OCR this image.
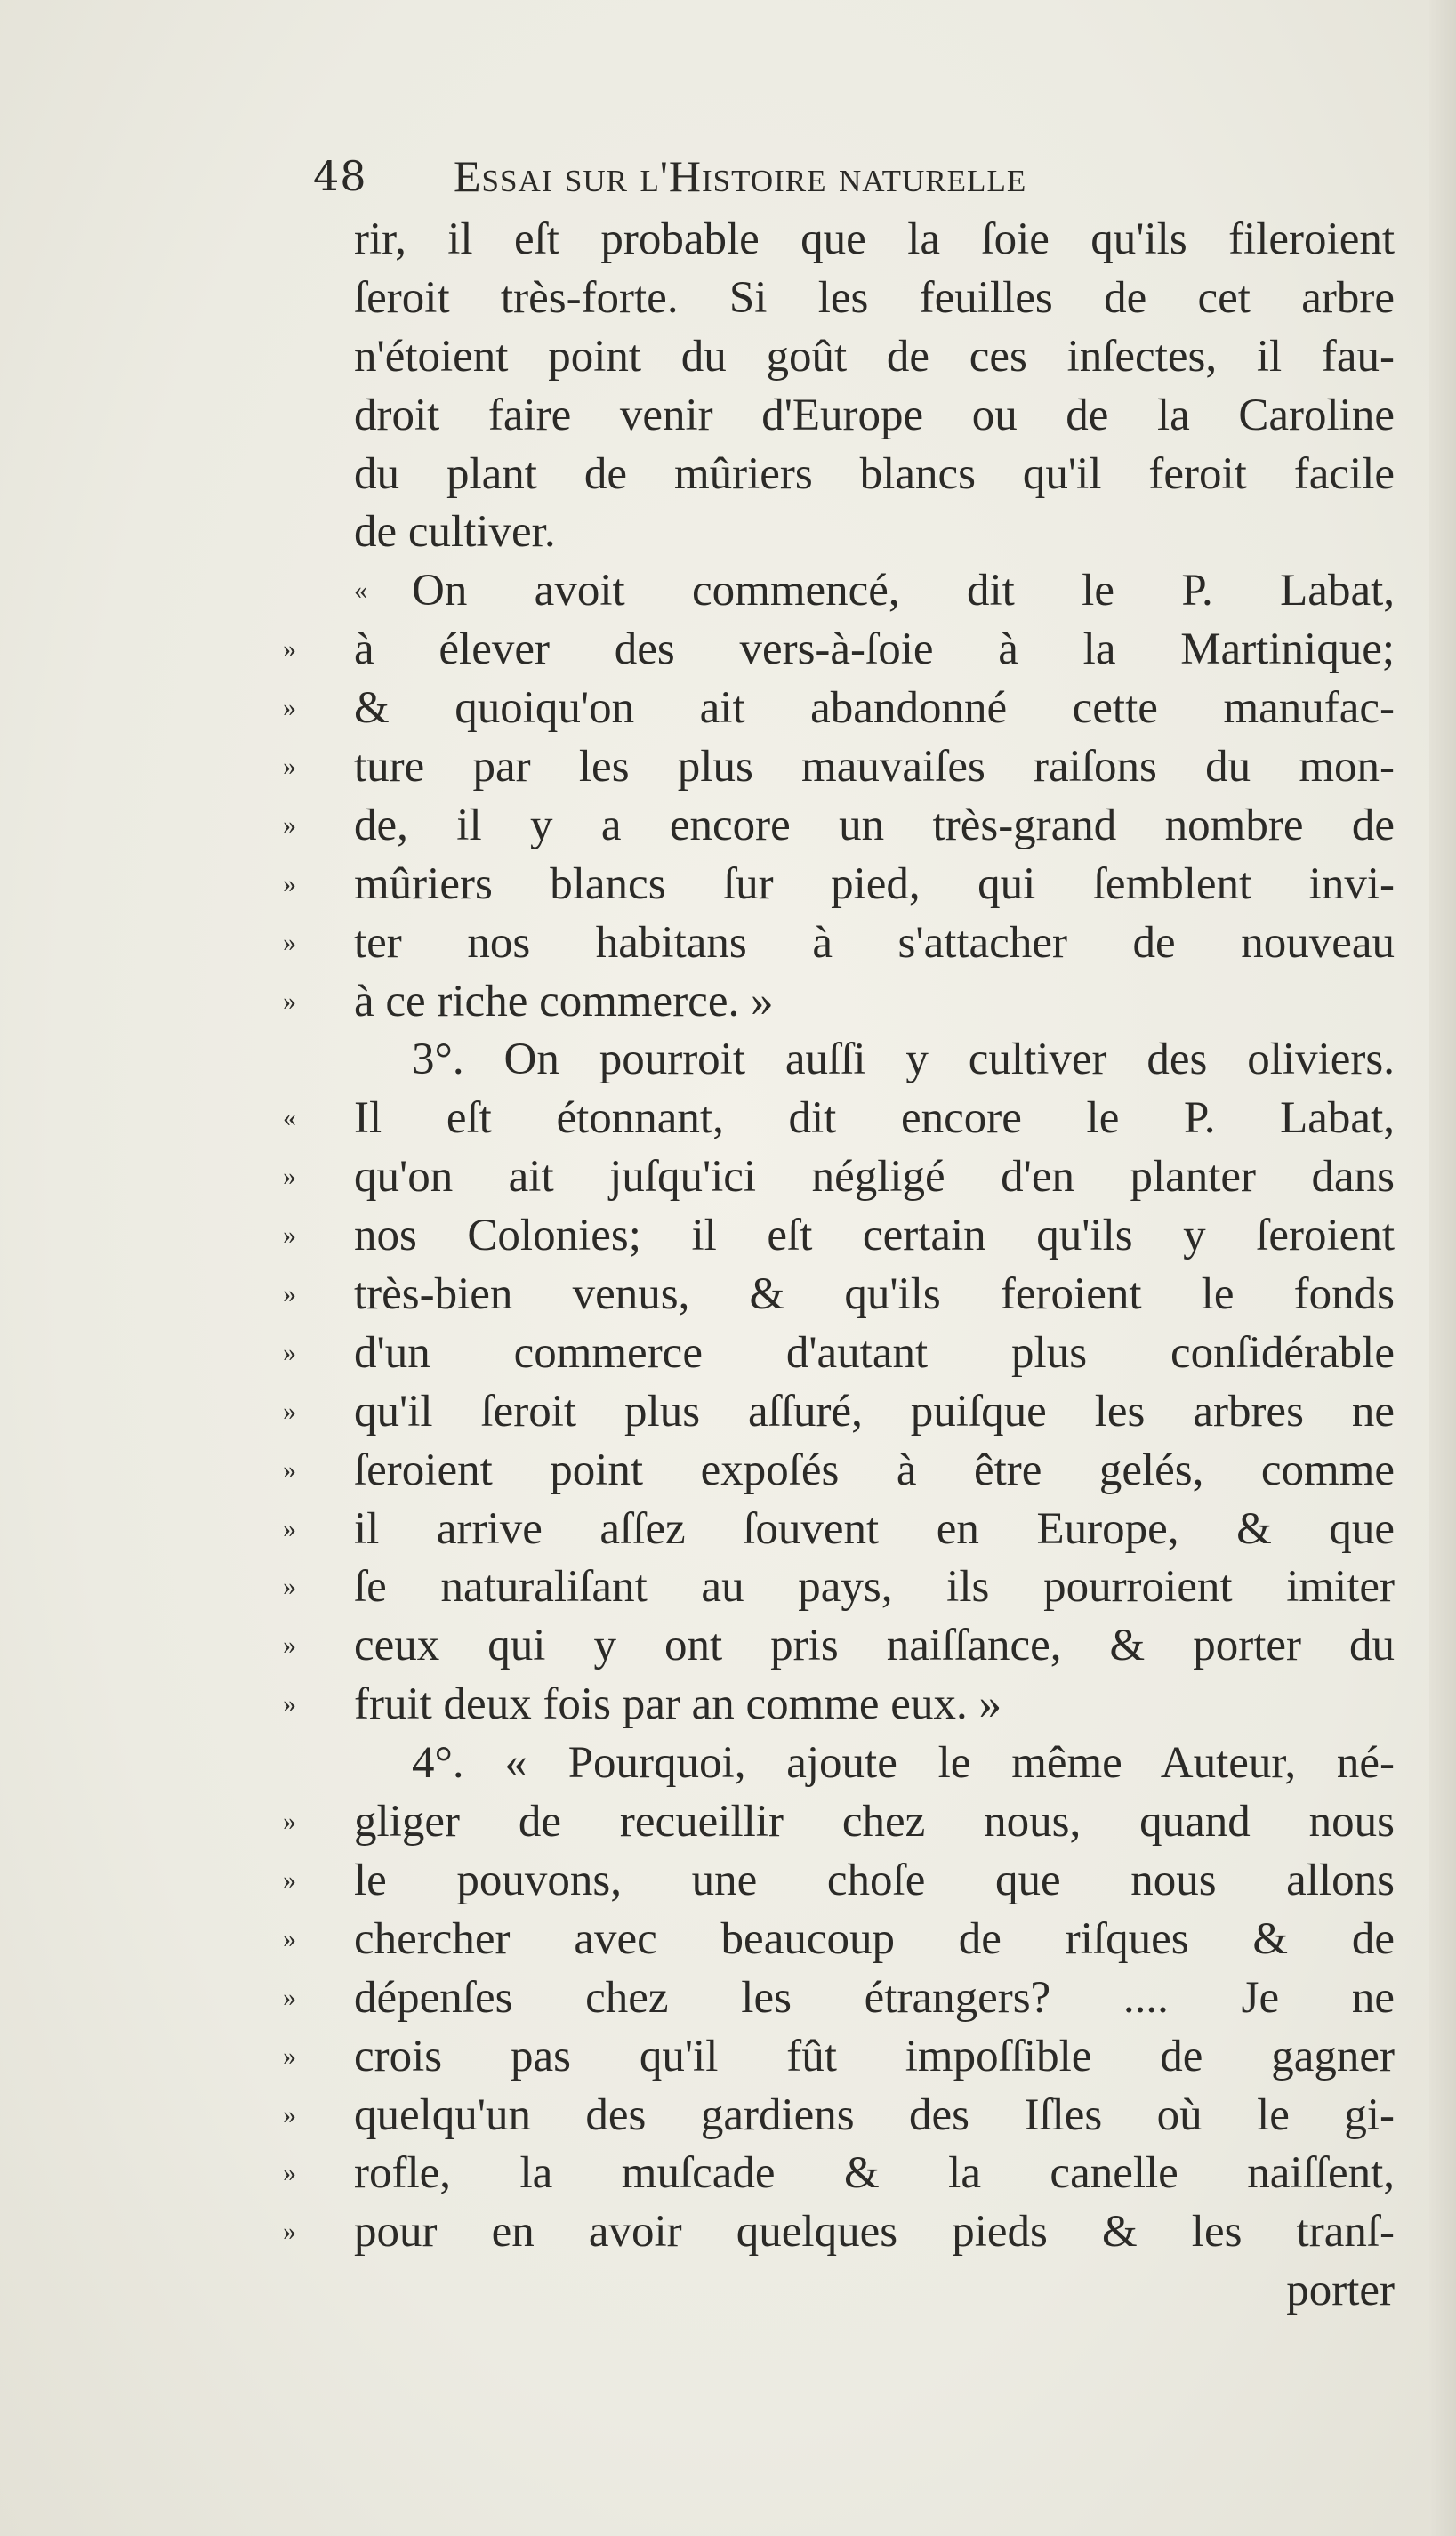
48 Essai sur l'Histoire naturelle
rir, il eſt probable que la ſoie qu'ils fileroient
ſeroit très-forte. Si les feuilles de cet arbre
n'étoient point du goût de ces inſectes, il fau-
droit faire venir d'Europe ou de la Caroline
du plant de mûriers blancs qu'il feroit facile
de cultiver.
« On avoit commencé, dit le P. Labat,
»	à élever des vers-à-ſoie à la Martinique;
»	& quoiqu'on ait abandonné cette manufac-
»	ture par les plus mauvaiſes raiſons du mon-
»	de, il y a encore un très-grand nombre de
»	mûriers blancs ſur pied, qui ſemblent invi-
»	ter nos habitans à s'attacher de nouveau
»	à ce riche commerce. »
3°. On pourroit auſſi y cultiver des oliviers.
«	Il eſt étonnant, dit encore le P. Labat,
»	qu'on ait juſqu'ici négligé d'en planter dans
»	nos Colonies; il eſt certain qu'ils y ſeroient
»	très-bien venus, & qu'ils feroient le fonds
»	d'un commerce d'autant plus conſidérable
»	qu'il ſeroit plus aſſuré, puiſque les arbres ne
»	ſeroient point expoſés à être gelés, comme
»	il arrive aſſez ſouvent en Europe, & que
»	ſe naturaliſant au pays, ils pourroient imiter
»	ceux qui y ont pris naiſſance, & porter du
»	fruit deux fois par an comme eux. »
4°. « Pourquoi, ajoute le même Auteur, né-
»	gliger de recueillir chez nous, quand nous
»	le pouvons, une choſe que nous allons
»	chercher avec beaucoup de riſques & de
»	dépenſes chez les étrangers? .... Je ne
»	crois pas qu'il fût impoſſible de gagner
»	quelqu'un des gardiens des Iſles où le gi-
»	rofle, la muſcade & la canelle naiſſent,
»	pour en avoir quelques pieds & les tranſ-
porter
